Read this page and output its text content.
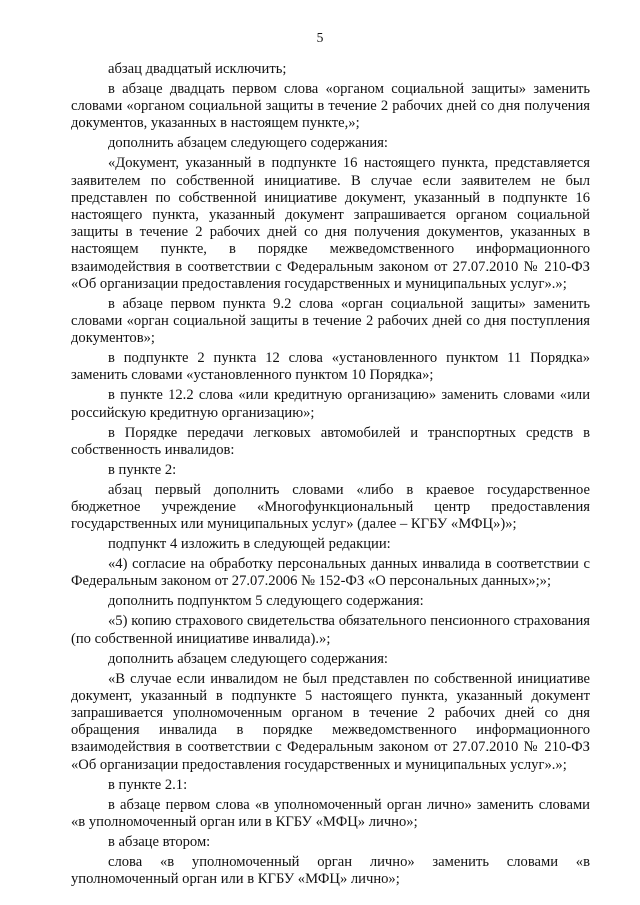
5

абзац двадцатый исключить;

в абзаце двадцать первом слова «органом социальной защиты» заменить словами «органом социальной защиты в течение 2 рабочих дней со дня получения документов, указанных в настоящем пункте,»;

дополнить абзацем следующего содержания:

«Документ, указанный в подпункте 16 настоящего пункта, представляется заявителем по собственной инициативе. В случае если заявителем не был представлен по собственной инициативе документ, указанный в подпункте 16 настоящего пункта, указанный документ запрашивается органом социальной защиты в течение 2 рабочих дней со дня получения документов, указанных в настоящем пункте, в порядке межведомственного информационного взаимодействия в соответствии с Федеральным законом от 27.07.2010 № 210-ФЗ «Об организации предоставления государственных и муниципальных услуг».»;

в абзаце первом пункта 9.2 слова «орган социальной защиты» заменить словами «орган социальной защиты в течение 2 рабочих дней со дня поступления документов»;

в подпункте 2 пункта 12 слова «установленного пунктом 11 Порядка» заменить словами «установленного пунктом 10 Порядка»;

в пункте 12.2 слова «или кредитную организацию» заменить словами «или российскую кредитную организацию»;

в Порядке передачи легковых автомобилей и транспортных средств в собственность инвалидов:

в пункте 2:

абзац первый дополнить словами «либо в краевое государственное бюджетное учреждение «Многофункциональный центр предоставления государственных или муниципальных услуг» (далее – КГБУ «МФЦ»)»;

подпункт 4 изложить в следующей редакции:

«4) согласие на обработку персональных данных инвалида в соответствии с Федеральным законом от 27.07.2006 № 152-ФЗ «О персональных данных»;»;

дополнить подпунктом 5 следующего содержания:

«5) копию страхового свидетельства обязательного пенсионного страхования (по собственной инициативе инвалида).»;

дополнить абзацем следующего содержания:

«В случае если инвалидом не был представлен по собственной инициативе документ, указанный в подпункте 5 настоящего пункта, указанный документ запрашивается уполномоченным органом в течение 2 рабочих дней со дня обращения инвалида в порядке межведомственного информационного взаимодействия в соответствии с Федеральным законом от 27.07.2010 № 210-ФЗ «Об организации предоставления государственных и муниципальных услуг».»;

в пункте 2.1:

в абзаце первом слова «в уполномоченный орган лично» заменить словами «в уполномоченный орган или в КГБУ «МФЦ» лично»;

в абзаце втором:

слова «в уполномоченный орган лично» заменить словами «в уполномоченный орган или в КГБУ «МФЦ» лично»;
